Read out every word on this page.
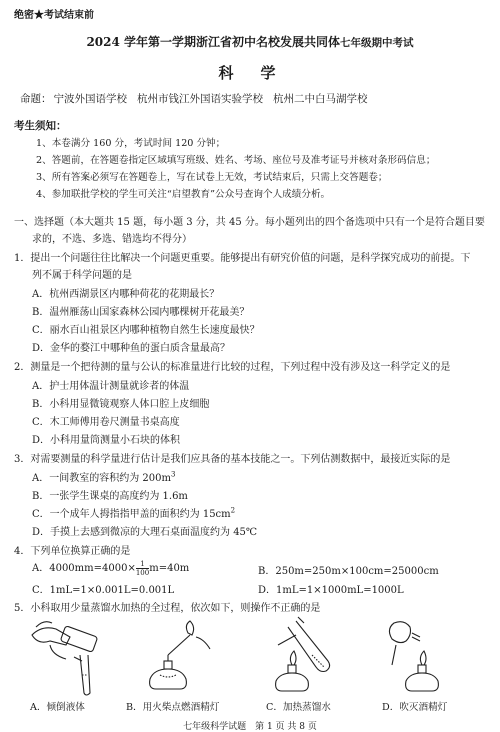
绝密★考试结束前
2024 学年第一学期浙江省初中名校发展共同体七年级期中考试
科　学
命题： 宁波外国语学校 杭州市钱江外国语实验学校 杭州二中白马湖学校
考生须知：
1、本卷满分 160 分，考试时间 120 分钟；
2、答题前，在答题卷指定区域填写班级、姓名、考场、座位号及准考证号并核对条形码信息；
3、所有答案必须写在答题卷上，写在试卷上无效，考试结束后，只需上交答题卷；
4、参加联批学校的学生可关注“启望教育”公众号查询个人成绩分析。
一、选择题（本大题共 15 题，每小题 3 分，共 45 分。每小题列出的四个备选项中只有一个是符合题目要
求的，不选、多选、错选均不得分）
1．提出一个问题往往比解决一个问题更重要。能够提出有研究价值的问题，是科学探究成功的前提。下
列不属于科学问题的是
A．杭州西湖景区内哪种荷花的花期最长？
B．温州雁荡山国家森林公园内哪棵树开花最美？
C．丽水百山祖景区内哪种植物自然生长速度最快？
D．金华的婺江中哪种鱼的蛋白质含量最高？
2．测量是一个把待测的量与公认的标准量进行比较的过程，下列过程中没有涉及这一科学定义的是
A．护士用体温计测量就诊者的体温
B．小科用显微镜观察人体口腔上皮细胞
C．木工师傅用卷尺测量书桌高度
D．小科用量筒测量小石块的体积
3．对需要测量的科学量进行估计是我们应具备的基本技能之一。下列估测数据中，最接近实际的是
A．一间教室的容积约为 $200m^3$
B．一张学生课桌的高度约为 1.6m
C．一个成年人拇指指甲盖的面积约为 $15cm^2$
D．手摸上去感到微凉的大理石桌面温度约为 45℃
4．下列单位换算正确的是
A．$4000mm=4000\times\frac{1}{100} m=40m$	B．250m=250m×100cm=25000cm
C．1mL=1×0.001L=0.001L	D．1mL=1×1000mL=1000L
5．小科取用少量蒸馏水加热的全过程，依次如下，则操作不正确的是
A．倾倒液体	B．用火柴点燃酒精灯	C．加热蒸馏水	D．吹灭酒精灯
七年级科学试题　第 1 页 共 8 页
